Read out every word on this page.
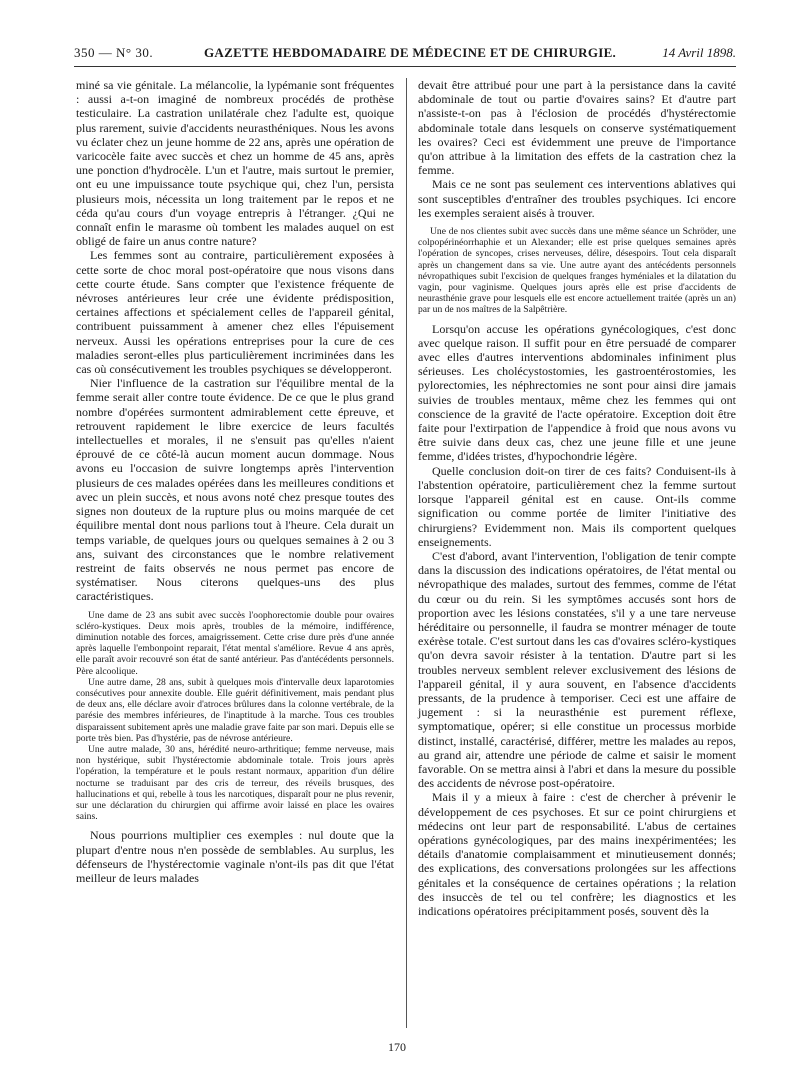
350 — N° 30.	GAZETTE HEBDOMADAIRE DE MÉDECINE ET DE CHIRURGIE.	14 Avril 1898.

miné sa vie génitale. La mélancolie, la lypémanie sont fréquentes : aussi a-t-on imaginé de nombreux procédés de prothèse testiculaire. La castration unilatérale chez l'adulte est, quoique plus rarement, suivie d'accidents neurasthéniques. Nous les avons vu éclater chez un jeune homme de 22 ans, après une opération de varicocèle faite avec succès et chez un homme de 45 ans, après une ponction d'hydrocèle. L'un et l'autre, mais surtout le premier, ont eu une impuissance toute psychique qui, chez l'un, persista plusieurs mois, nécessita un long traitement par le repos et ne céda qu'au cours d'un voyage entrepris à l'étranger. ¿Qui ne connaît enfin le marasme où tombent les malades auquel on est obligé de faire un anus contre nature?

Les femmes sont au contraire, particulièrement exposées à cette sorte de choc moral post-opératoire que nous visons dans cette courte étude. Sans compter que l'existence fréquente de névroses antérieures leur crée une évidente prédisposition, certaines affections et spécialement celles de l'appareil génital, contribuent puissamment à amener chez elles l'épuisement nerveux. Aussi les opérations entreprises pour la cure de ces maladies seront-elles plus particulièrement incriminées dans les cas où consécutivement les troubles psychiques se développeront.

Nier l'influence de la castration sur l'équilibre mental de la femme serait aller contre toute évidence. De ce que le plus grand nombre d'opérées surmontent admirablement cette épreuve, et retrouvent rapidement le libre exercice de leurs facultés intellectuelles et morales, il ne s'ensuit pas qu'elles n'aient éprouvé de ce côté-là aucun moment aucun dommage. Nous avons eu l'occasion de suivre longtemps après l'intervention plusieurs de ces malades opérées dans les meilleures conditions et avec un plein succès, et nous avons noté chez presque toutes des signes non douteux de la rupture plus ou moins marquée de cet équilibre mental dont nous parlions tout à l'heure. Cela durait un temps variable, de quelques jours ou quelques semaines à 2 ou 3 ans, suivant des circonstances que le nombre relativement restreint de faits observés ne nous permet pas encore de systématiser. Nous citerons quelques-uns des plus caractéristiques.

Une dame de 23 ans subit avec succès l'oophorectomie double pour ovaires scléro-kystiques. Deux mois après, troubles de la mémoire, indifférence, diminution notable des forces, amaigrissement. Cette crise dure près d'une année après laquelle l'embonpoint reparait, l'état mental s'améliore. Revue 4 ans après, elle paraît avoir recouvré son état de santé antérieur. Pas d'antécédents personnels. Père alcoolique.

Une autre dame, 28 ans, subit à quelques mois d'intervalle deux laparotomies consécutives pour annexite double. Elle guérit définitivement, mais pendant plus de deux ans, elle déclare avoir d'atroces brûlures dans la colonne vertébrale, de la parésie des membres inférieures, de l'inaptitude à la marche. Tous ces troubles disparaissent subitement après une maladie grave faite par son mari. Depuis elle se porte très bien. Pas d'hystérie, pas de névrose antérieure.

Une autre malade, 30 ans, hérédité neuro-arthritique; femme nerveuse, mais non hystérique, subit l'hystérectomie abdominale totale. Trois jours après l'opération, la température et le pouls restant normaux, apparition d'un délire nocturne se traduisant par des cris de terreur, des réveils brusques, des hallucinations et qui, rebelle à tous les narcotiques, disparaît pour ne plus revenir, sur une déclaration du chirurgien qui affirme avoir laissé en place les ovaires sains.

Nous pourrions multiplier ces exemples : nul doute que la plupart d'entre nous n'en possède de semblables. Au surplus, les défenseurs de l'hystérectomie vaginale n'ont-ils pas dit que l'état meilleur de leurs malades

devait être attribué pour une part à la persistance dans la cavité abdominale de tout ou partie d'ovaires sains? Et d'autre part n'assiste-t-on pas à l'éclosion de procédés d'hystérectomie abdominale totale dans lesquels on conserve systématiquement les ovaires? Ceci est évidemment une preuve de l'importance qu'on attribue à la limitation des effets de la castration chez la femme.

Mais ce ne sont pas seulement ces interventions ablatives qui sont susceptibles d'entraîner des troubles psychiques. Ici encore les exemples seraient aisés à trouver.

Une de nos clientes subit avec succès dans une même séance un Schröder, une colpopérinéorrhaphie et un Alexander; elle est prise quelques semaines après l'opération de syncopes, crises nerveuses, délire, désespoirs. Tout cela disparaît après un changement dans sa vie. Une autre ayant des antécédents personnels névropathiques subit l'excision de quelques franges hyméniales et la dilatation du vagin, pour vaginisme. Quelques jours après elle est prise d'accidents de neurasthénie grave pour lesquels elle est encore actuellement traitée (après un an) par un de nos maîtres de la Salpêtrière.

Lorsqu'on accuse les opérations gynécologiques, c'est donc avec quelque raison. Il suffit pour en être persuadé de comparer avec elles d'autres interventions abdominales infiniment plus sérieuses. Les cholécystostomies, les gastroentérostomies, les pylorectomies, les néphrectomies ne sont pour ainsi dire jamais suivies de troubles mentaux, même chez les femmes qui ont conscience de la gravité de l'acte opératoire. Exception doit être faite pour l'extirpation de l'appendice à froid que nous avons vu être suivie dans deux cas, chez une jeune fille et une jeune femme, d'idées tristes, d'hypochondrie légère.

Quelle conclusion doit-on tirer de ces faits? Conduisent-ils à l'abstention opératoire, particulièrement chez la femme surtout lorsque l'appareil génital est en cause. Ont-ils comme signification ou comme portée de limiter l'initiative des chirurgiens? Evidemment non. Mais ils comportent quelques enseignements.

C'est d'abord, avant l'intervention, l'obligation de tenir compte dans la discussion des indications opératoires, de l'état mental ou névropathique des malades, surtout des femmes, comme de l'état du cœur ou du rein. Si les symptômes accusés sont hors de proportion avec les lésions constatées, s'il y a une tare nerveuse héréditaire ou personnelle, il faudra se montrer ménager de toute exérèse totale. C'est surtout dans les cas d'ovaires scléro-kystiques qu'on devra savoir résister à la tentation. D'autre part si les troubles nerveux semblent relever exclusivement des lésions de l'appareil génital, il y aura souvent, en l'absence d'accidents pressants, de la prudence à temporiser. Ceci est une affaire de jugement : si la neurasthénie est purement réflexe, symptomatique, opérer; si elle constitue un processus morbide distinct, installé, caractérisé, différer, mettre les malades au repos, au grand air, attendre une période de calme et saisir le moment favorable. On se mettra ainsi à l'abri et dans la mesure du possible des accidents de névrose post-opératoire.

Mais il y a mieux à faire : c'est de chercher à prévenir le développement de ces psychoses. Et sur ce point chirurgiens et médecins ont leur part de responsabilité. L'abus de certaines opérations gynécologiques, par des mains inexpérimentées; les détails d'anatomie complaisamment et minutieusement donnés; des explications, des conversations prolongées sur les affections génitales et la conséquence de certaines opérations ; la relation des insuccès de tel ou tel confrère; les diagnostics et les indications opératoires précipitamment posés, souvent dès la

170
